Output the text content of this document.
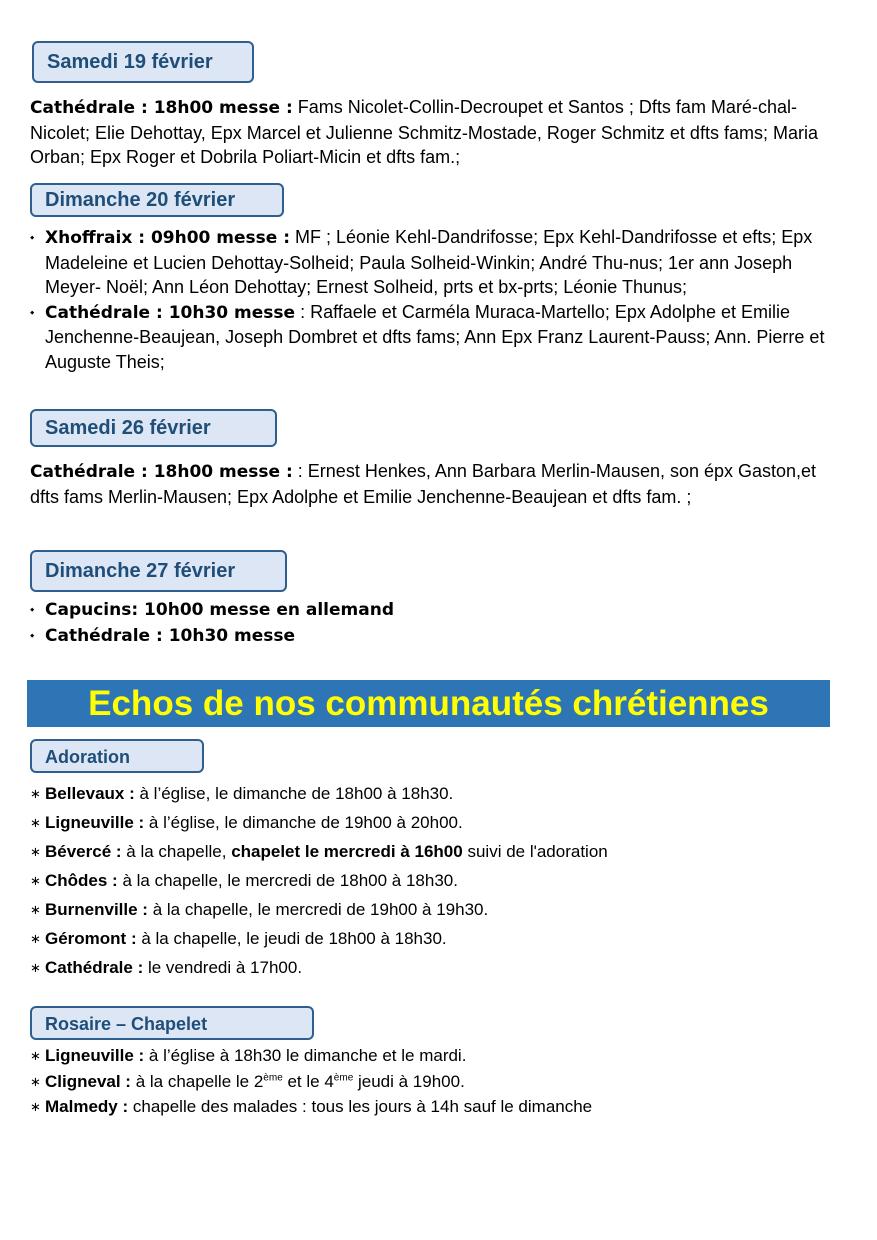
Samedi 19 février
Cathédrale : 18h00 messe : Fams Nicolet-Collin-Decroupet et Santos ; Dfts fam Maré-chal-Nicolet; Elie Dehottay, Epx Marcel et Julienne Schmitz-Mostade, Roger Schmitz et dfts fams; Maria Orban; Epx Roger et Dobrila Poliart-Micin et dfts fam.;
Dimanche 20 février
⬩ Xhoffraix : 09h00 messe : MF ; Léonie Kehl-Dandrifosse; Epx Kehl-Dandrifosse et efts; Epx Madeleine et Lucien Dehottay-Solheid; Paula Solheid-Winkin; André Thu-nus; 1er ann Joseph Meyer- Noël; Ann Léon Dehottay; Ernest Solheid, prts et bx-prts; Léonie Thunus;
⬩ Cathédrale : 10h30 messe : Raffaele et Carméla Muraca-Martello; Epx Adolphe et Emilie Jenchenne-Beaujean, Joseph Dombret et dfts fams; Ann Epx Franz Laurent-Pauss; Ann. Pierre et Auguste Theis;
Samedi 26 février
Cathédrale : 18h00 messe : : Ernest Henkes, Ann Barbara Merlin-Mausen, son épx Gaston,et dfts fams Merlin-Mausen; Epx Adolphe et Emilie Jenchenne-Beaujean et dfts fam. ;
Dimanche 27 février
⬩ Capucins: 10h00 messe en allemand
⬩ Cathédrale : 10h30 messe
Echos de nos communautés chrétiennes
Adoration
∗ Bellevaux : à l’église, le dimanche de 18h00 à 18h30.
∗ Ligneuville : à l’église, le dimanche de 19h00 à 20h00.
∗ Bévercé : à la chapelle, chapelet le mercredi à 16h00 suivi de l'adoration
∗ Chôdes : à la chapelle, le mercredi de 18h00 à 18h30.
∗ Burnenville : à la chapelle, le mercredi de 19h00 à 19h30.
∗ Géromont : à la chapelle, le jeudi de 18h00 à 18h30.
∗ Cathédrale : le vendredi à 17h00.
Rosaire – Chapelet
∗ Ligneuville : à l’église à 18h30 le dimanche et le mardi.
∗ Cligneval : à la chapelle le 2ème et le 4ème jeudi à 19h00.
∗ Malmedy : chapelle des malades : tous les jours à 14h sauf le dimanche
